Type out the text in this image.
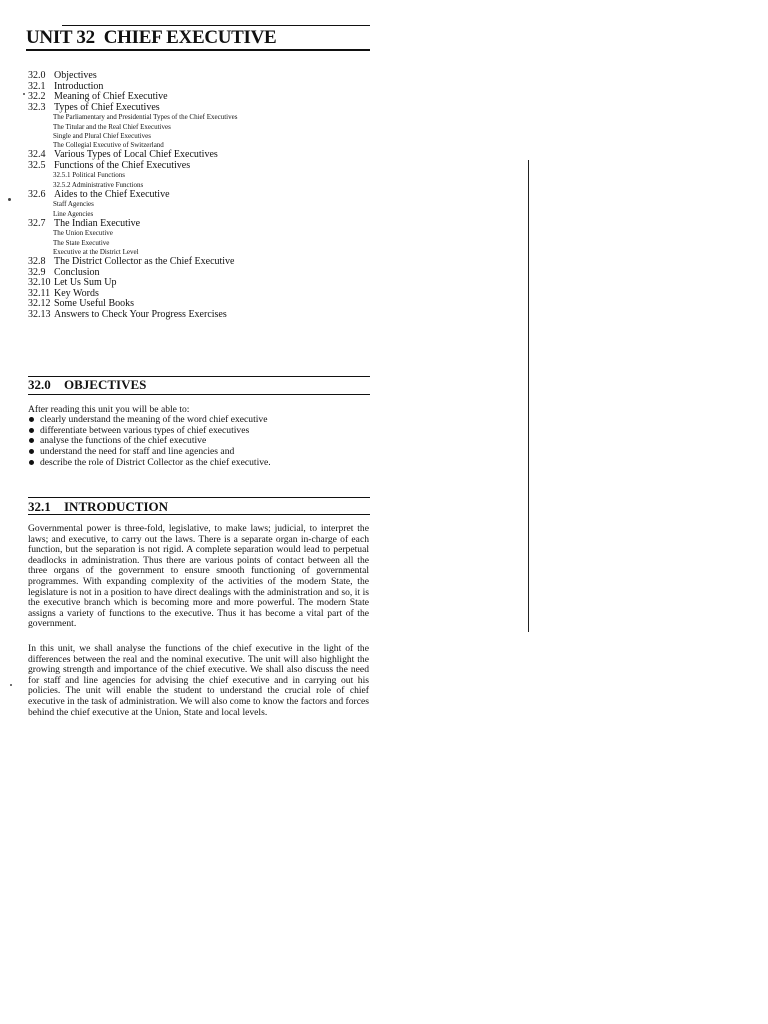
UNIT 32 CHIEF EXECUTIVE
32.0 Objectives
32.1 Introduction
32.2 Meaning of Chief Executive
32.3 Types of Chief Executives
The Parliamentary and Presidential Types of the Chief Executives
The Titular and the Real Chief Executives
Single and Plural Chief Executives
The Collegial Executive of Switzerland
32.4 Various Types of Local Chief Executives
32.5 Functions of the Chief Executives
32.5.1 Political Functions
32.5.2 Administrative Functions
32.6 Aides to the Chief Executive
Staff Agencies
Line Agencies
32.7 The Indian Executive
The Union Executive
The State Executive
Executive at the District Level
32.8 The District Collector as the Chief Executive
32.9 Conclusion
32.10 Let Us Sum Up
32.11 Key Words
32.12 Some Useful Books
32.13 Answers to Check Your Progress Exercises
32.0 OBJECTIVES

After reading this unit you will be able to:

clearly understand the meaning of the word chief executive
differentiate between various types of chief executives
analyse the functions of the chief executive
understand the need for staff and line agencies and
describe the role of District Collector as the chief executive.
32.1 INTRODUCTION

Governmental power is three-fold, legislative, to make laws; judicial, to interpret the laws; and executive, to carry out the laws. There is a separate organ in-charge of each function, but the separation is not rigid. A complete separation would lead to perpetual deadlocks in administration. Thus there are various points of contact between all the three organs of the government to ensure smooth functioning of governmental programmes. With expanding complexity of the activities of the modern State, the legislature is not in a position to have direct dealings with the administration and so, it is the executive branch which is becoming more and more powerful. The modern State assigns a variety of functions to the executive. Thus it has become a vital part of the government.

In this unit, we shall analyse the functions of the chief executive in the light of the differences between the real and the nominal executive. The unit will also highlight the growing strength and importance of the chief executive. We shall also discuss the need for staff and line agencies for advising the chief executive and in carrying out his policies. The unit will enable the student to understand the crucial role of chief executive in the task of administration. We will also come to know the factors and forces behind the chief executive at the Union, State and local levels.
